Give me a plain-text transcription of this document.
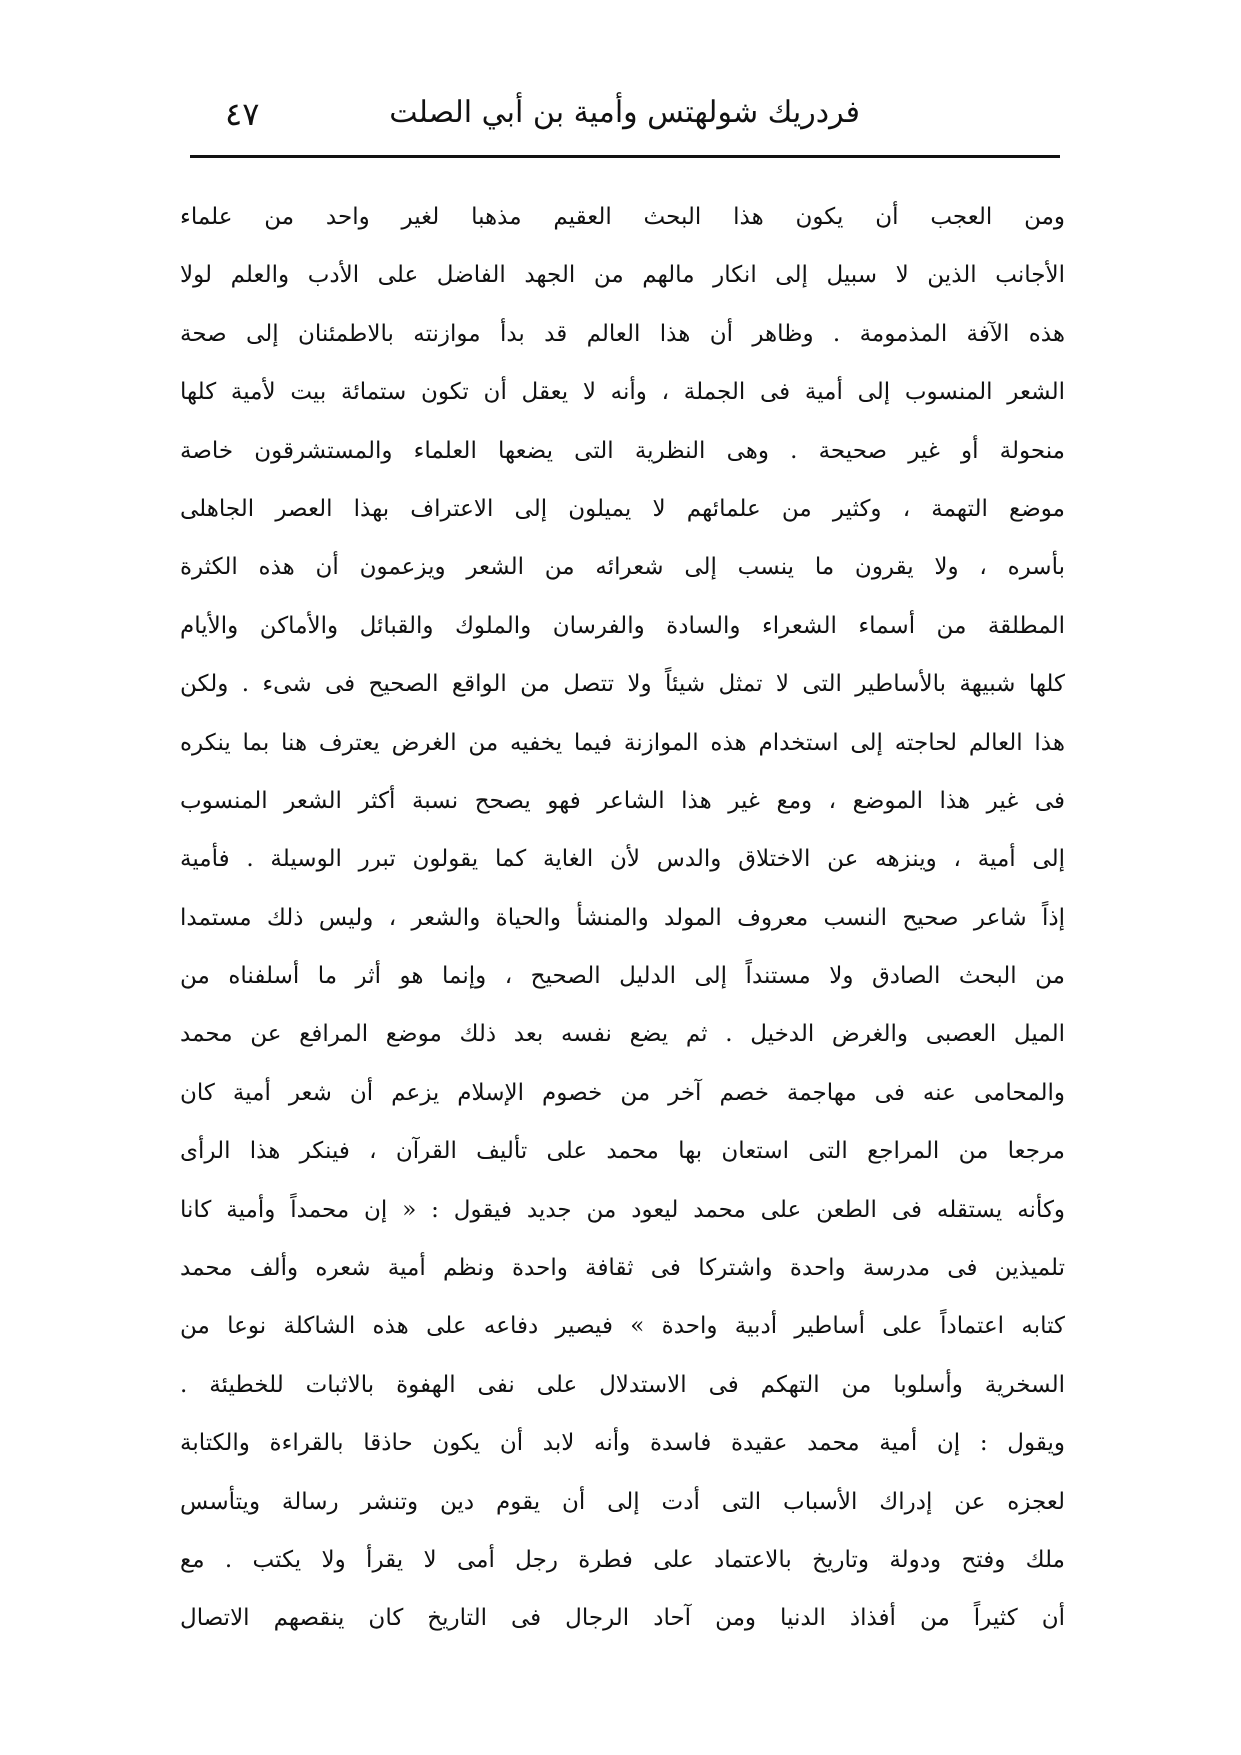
فردريك شولهتس وأمية بن أبي الصلت
٤٧
ومن العجب أن يكون هذا البحث العقيم مذهبا لغير واحد من علماء
الأجانب الذين لا سبيل إلى انكار مالهم من الجهد الفاضل على الأدب والعلم لولا
هذه الآفة المذمومة . وظاهر أن هذا العالم قد بدأ موازنته بالاطمئنان إلى صحة
الشعر المنسوب إلى أمية فى الجملة ، وأنه لا يعقل أن تكون ستمائة بيت لأمية كلها
منحولة أو غير صحيحة . وهى النظرية التى يضعها العلماء والمستشرقون خاصة
موضع التهمة ، وكثير من علمائهم لا يميلون إلى الاعتراف بهذا العصر الجاهلى
بأسره ، ولا يقرون ما ينسب إلى شعرائه من الشعر ويزعمون أن هذه الكثرة
المطلقة من أسماء الشعراء والسادة والفرسان والملوك والقبائل والأماكن والأيام
كلها شبيهة بالأساطير التى لا تمثل شيئاً ولا تتصل من الواقع الصحيح فى شىء . ولكن
هذا العالم لحاجته إلى استخدام هذه الموازنة فيما يخفيه من الغرض يعترف هنا بما ينكره
فى غير هذا الموضع ، ومع غير هذا الشاعر فهو يصحح نسبة أكثر الشعر المنسوب
إلى أمية ، وينزهه عن الاختلاق والدس لأن الغاية كما يقولون تبرر الوسيلة . فأمية
إذاً شاعر صحيح النسب معروف المولد والمنشأ والحياة والشعر ، وليس ذلك مستمدا
من البحث الصادق ولا مستنداً إلى الدليل الصحيح ، وإنما هو أثر ما أسلفناه من
الميل العصبى والغرض الدخيل . ثم يضع نفسه بعد ذلك موضع المرافع عن محمد
والمحامى عنه فى مهاجمة خصم آخر من خصوم الإسلام يزعم أن شعر أمية كان
مرجعا من المراجع التى استعان بها محمد على تأليف القرآن ، فينكر هذا الرأى
وكأنه يستقله فى الطعن على محمد ليعود من جديد فيقول : « إن محمداً وأمية كانا
تلميذين فى مدرسة واحدة واشتركا فى ثقافة واحدة ونظم أمية شعره وألف محمد
كتابه اعتماداً على أساطير أدبية واحدة » فيصير دفاعه على هذه الشاكلة نوعا من
السخرية وأسلوبا من التهكم فى الاستدلال على نفى الهفوة بالاثبات للخطيئة .
ويقول : إن أمية محمد عقيدة فاسدة وأنه لابد أن يكون حاذقا بالقراءة والكتابة
لعجزه عن إدراك الأسباب التى أدت إلى أن يقوم دين وتنشر رسالة ويتأسس
ملك وفتح ودولة وتاريخ بالاعتماد على فطرة رجل أمى لا يقرأ ولا يكتب . مع
أن كثيراً من أفذاذ الدنيا ومن آحاد الرجال فى التاريخ كان ينقصهم الاتصال
